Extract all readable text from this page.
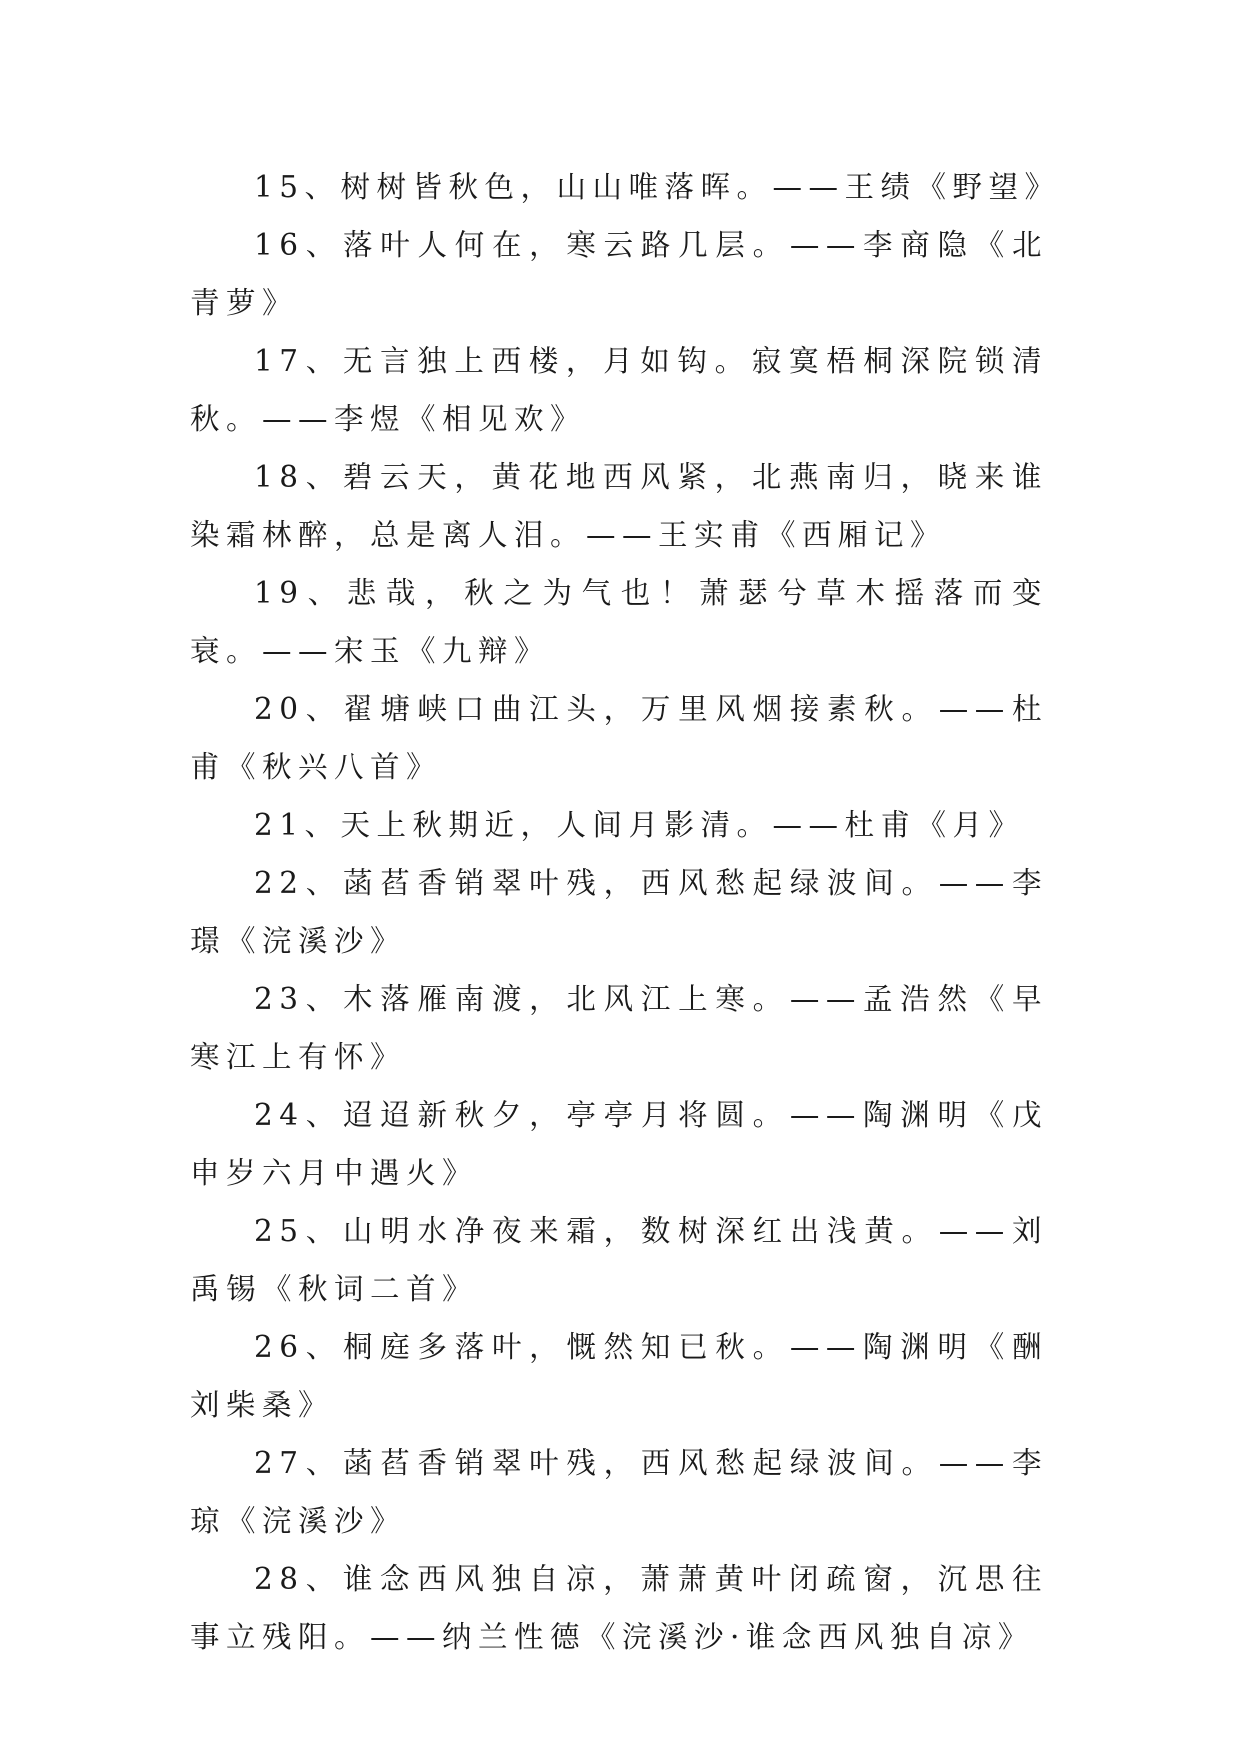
15、树树皆秋色，山山唯落晖。——王绩《野望》

16、落叶人何在，寒云路几层。——李商隐《北青萝》

17、无言独上西楼，月如钩。寂寞梧桐深院锁清秋。——李煜《相见欢》

18、碧云天，黄花地西风紧，北燕南归，晓来谁染霜林醉，总是离人泪。——王实甫《西厢记》

19、悲哉，秋之为气也！萧瑟兮草木摇落而变衰。——宋玉《九辩》

20、翟塘峡口曲江头，万里风烟接素秋。——杜甫《秋兴八首》

21、天上秋期近，人间月影清。——杜甫《月》

22、菡萏香销翠叶残，西风愁起绿波间。——李璟《浣溪沙》

23、木落雁南渡，北风江上寒。——孟浩然《早寒江上有怀》

24、迢迢新秋夕，亭亭月将圆。——陶渊明《戊申岁六月中遇火》

25、山明水净夜来霜，数树深红出浅黄。——刘禹锡《秋词二首》

26、桐庭多落叶，慨然知已秋。——陶渊明《酬刘柴桑》

27、菡萏香销翠叶残，西风愁起绿波间。——李琼《浣溪沙》

28、谁念西风独自凉，萧萧黄叶闭疏窗，沉思往事立残阳。——纳兰性德《浣溪沙·谁念西风独自凉》
